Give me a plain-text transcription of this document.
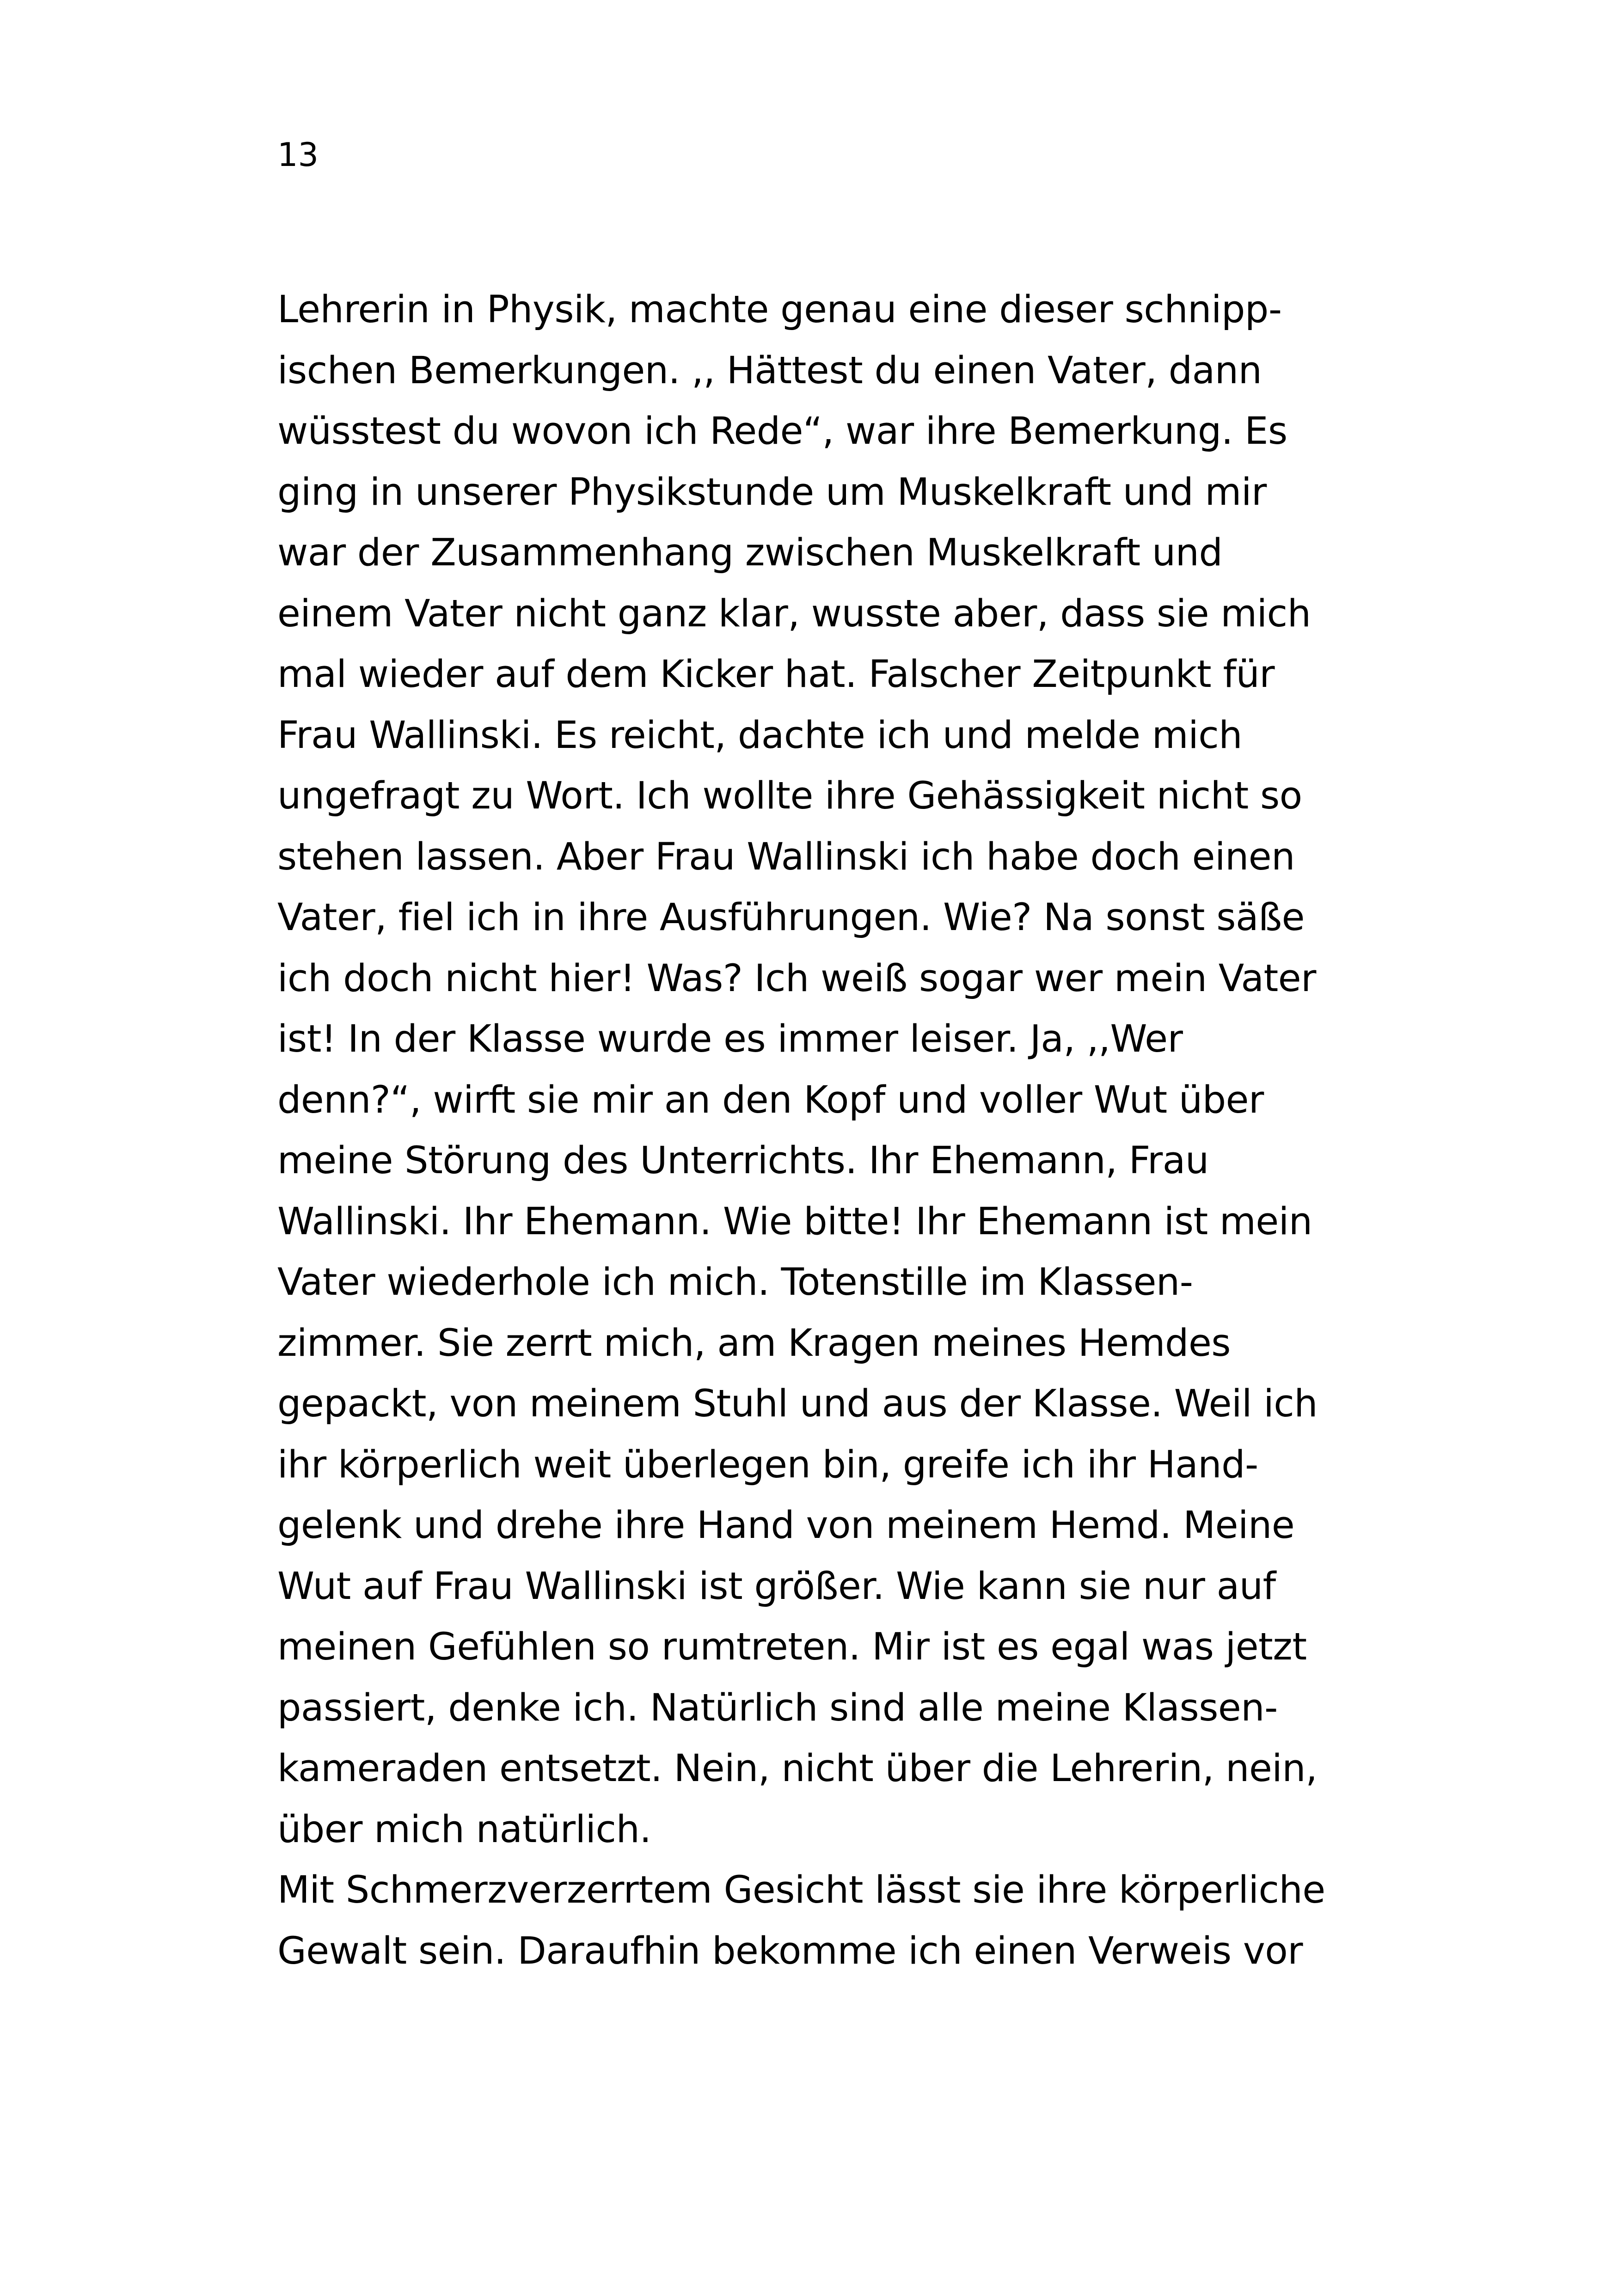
13
Lehrerin in Physik, machte genau eine dieser schnipp-
ischen Bemerkungen. ,, Hättest du einen Vater, dann
wüsstest du wovon ich Rede“, war ihre Bemerkung. Es
ging in unserer Physikstunde um Muskelkraft und mir
war der Zusammenhang zwischen Muskelkraft und
einem Vater nicht ganz klar, wusste aber, dass sie mich
mal wieder auf dem Kicker hat. Falscher Zeitpunkt für
Frau Wallinski. Es reicht, dachte ich und melde mich
ungefragt zu Wort. Ich wollte ihre Gehässigkeit nicht so
stehen lassen. Aber Frau Wallinski ich habe doch einen
Vater, fiel ich in ihre Ausführungen. Wie? Na sonst säße
ich doch nicht hier! Was? Ich weiß sogar wer mein Vater
ist! In der Klasse wurde es immer leiser. Ja, ,,Wer
denn?“, wirft sie mir an den Kopf und voller Wut über
meine Störung des Unterrichts. Ihr Ehemann, Frau
Wallinski. Ihr Ehemann. Wie bitte! Ihr Ehemann ist mein
Vater wiederhole ich mich. Totenstille im Klassen-
zimmer. Sie zerrt mich, am Kragen meines Hemdes
gepackt, von meinem Stuhl und aus der Klasse. Weil ich
ihr körperlich weit überlegen bin, greife ich ihr Hand-
gelenk und drehe ihre Hand von meinem Hemd. Meine
Wut auf Frau Wallinski ist größer. Wie kann sie nur auf
meinen Gefühlen so rumtreten. Mir ist es egal was jetzt
passiert, denke ich. Natürlich sind alle meine Klassen-
kameraden entsetzt. Nein, nicht über die Lehrerin, nein,
über mich natürlich.
Mit Schmerzverzerrtem Gesicht lässt sie ihre körperliche
Gewalt sein. Daraufhin bekomme ich einen Verweis vor
